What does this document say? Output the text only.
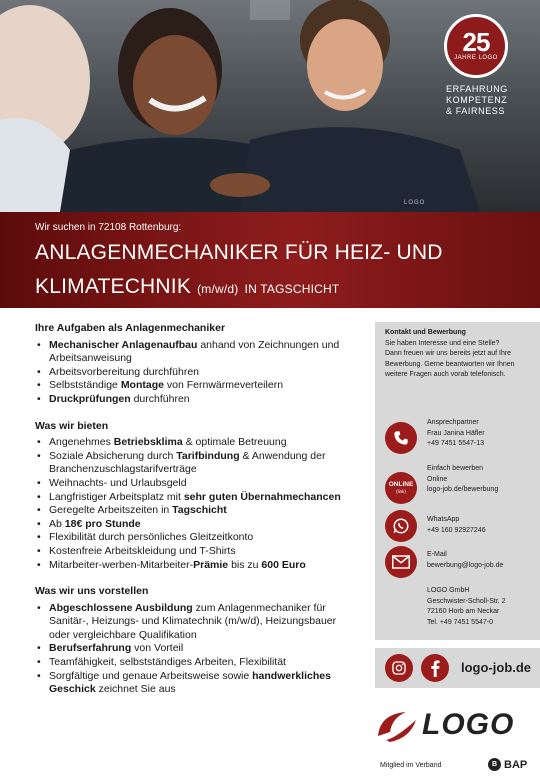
25
JAHRE LOGO
ERFAHRUNG
KOMPETENZ
& FAIRNESS
LOGO
Wir suchen in 72108 Rottenburg:
ANLAGENMECHANIKER FÜR HEIZ- UND
KLIMATECHNIK (m/w/d) IN TAGSCHICHT
Ihre Aufgaben als Anlagenmechaniker
• Mechanischer Anlagenaufbau anhand von Zeichnungen und Arbeitsanweisung
• Arbeitsvorbereitung durchführen
• Selbstständige Montage von Fernwärmeverteilern
• Druckprüfungen durchführen
Was wir bieten
• Angenehmes Betriebsklima & optimale Betreuung
• Soziale Absicherung durch Tarifbindung & Anwendung der Branchenzuschlagstarifverträge
• Weihnachts- und Urlaubsgeld
• Langfristiger Arbeitsplatz mit sehr guten Übernahmechancen
• Geregelte Arbeitszeiten in Tagschicht
• Ab 18€ pro Stunde
• Flexibilität durch persönliches Gleitzeitkonto
• Kostenfreie Arbeitskleidung und T-Shirts
• Mitarbeiter-werben-Mitarbeiter-Prämie bis zu 600 Euro
Was wir uns vorstellen
• Abgeschlossene Ausbildung zum Anlagenmechaniker für Sanitär-, Heizungs- und Klimatechnik (m/w/d), Heizungsbauer oder vergleichbare Qualifikation
• Berufserfahrung von Vorteil
• Teamfähigkeit, selbstständiges Arbeiten, Flexibilität
• Sorgfältige und genaue Arbeitsweise sowie handwerkliches Geschick zeichnet Sie aus
Kontakt und Bewerbung
Sie haben Interesse und eine Stelle? Dann freuen wir uns bereits jetzt auf Ihre Bewerbung. Gerne beantworten wir Ihnen weitere Fragen auch vorab telefonisch.
Ansprechpartner
Frau Janina Häfler
+49 7451 5547-13
ONLINE
(link)
Einfach bewerben
Online
logo-job.de/bewerbung
WhatsApp
+49 160 92927246
E-Mail
bewerbung@logo-job.de
LOGO GmbH
Geschwister-Scholl-Str. 2
72160 Horb am Neckar
Tel. +49 7451 5547-0
logo-job.de
LOGO
Mitglied im Verband	B BAP
